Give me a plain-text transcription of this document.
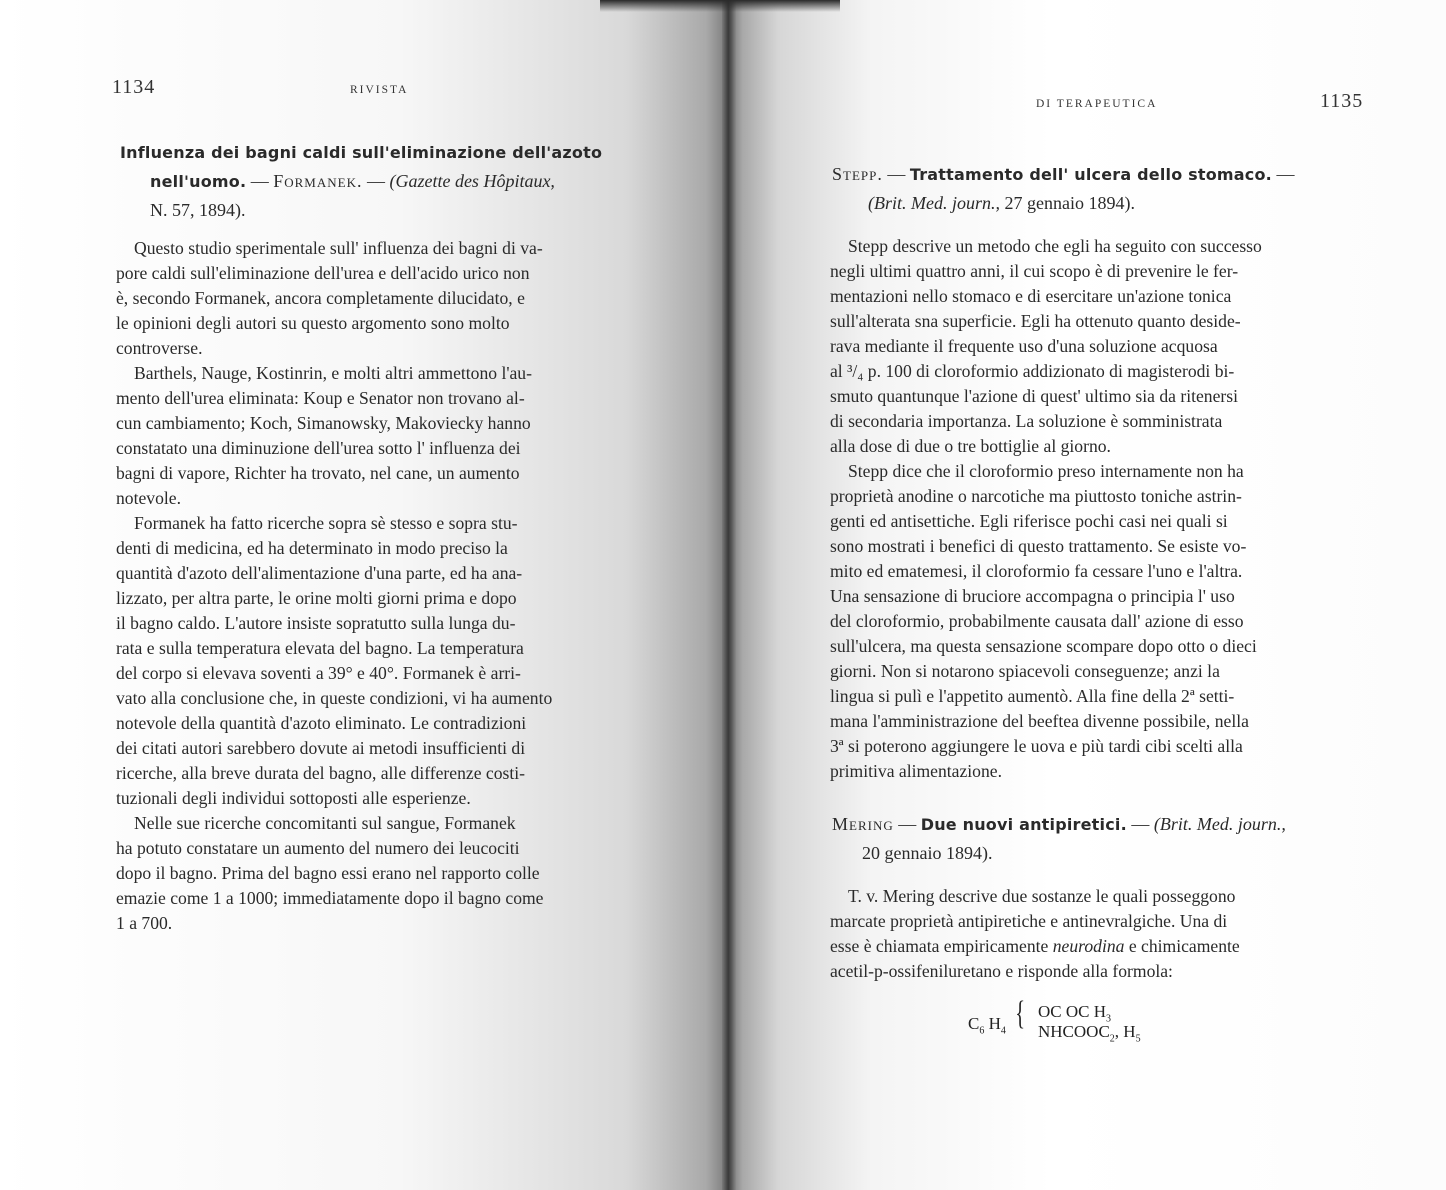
1134	RIVISTA
Influenza dei bagni caldi sull'eliminazione dell'azoto
nell'uomo. — Formanek. — (Gazette des Hôpitaux,
N. 57, 1894).

Questo studio sperimentale sull' influenza dei bagni di va-
pore caldi sull'eliminazione dell'urea e dell'acido urico non
è, secondo Formanek, ancora completamente dilucidato, e
le opinioni degli autori su questo argomento sono molto
controverse.

Barthels, Nauge, Kostinrin, e molti altri ammettono l'au-
mento dell'urea eliminata: Koup e Senator non trovano al-
cun cambiamento; Koch, Simanowsky, Makoviecky hanno
constatato una diminuzione dell'urea sotto l' influenza dei
bagni di vapore, Richter ha trovato, nel cane, un aumento
notevole.

Formanek ha fatto ricerche sopra sè stesso e sopra stu-
denti di medicina, ed ha determinato in modo preciso la
quantità d'azoto dell'alimentazione d'una parte, ed ha ana-
lizzato, per altra parte, le orine molti giorni prima e dopo
il bagno caldo. L'autore insiste sopratutto sulla lunga du-
rata e sulla temperatura elevata del bagno. La temperatura
del corpo si elevava soventi a 39° e 40°. Formanek è arri-
vato alla conclusione che, in queste condizioni, vi ha aumento
notevole della quantità d'azoto eliminato. Le contradizioni
dei citati autori sarebbero dovute ai metodi insufficienti di
ricerche, alla breve durata del bagno, alle differenze costi-
tuzionali degli individui sottoposti alle esperienze.

Nelle sue ricerche concomitanti sul sangue, Formanek
ha potuto constatare un aumento del numero dei leucociti
dopo il bagno. Prima del bagno essi erano nel rapporto colle
emazie come 1 a 1000; immediatamente dopo il bagno come
1 a 700.

DI TERAPEUTICA	1135
Stepp. — Trattamento dell' ulcera dello stomaco. —
(Brit. Med. journ., 27 gennaio 1894).

Stepp descrive un metodo che egli ha seguito con successo
negli ultimi quattro anni, il cui scopo è di prevenire le fer-
mentazioni nello stomaco e di esercitare un'azione tonica
sull'alterata sna superficie. Egli ha ottenuto quanto deside-
rava mediante il frequente uso d'una soluzione acquosa
al ³/₄ p. 100 di cloroformio addizionato di magisterodi bi-
smuto quantunque l'azione di quest' ultimo sia da ritenersi
di secondaria importanza. La soluzione è somministrata
alla dose di due o tre bottiglie al giorno.

Stepp dice che il cloroformio preso internamente non ha
proprietà anodine o narcotiche ma piuttosto toniche astrin-
genti ed antisettiche. Egli riferisce pochi casi nei quali si
sono mostrati i benefici di questo trattamento. Se esiste vo-
mito ed ematemesi, il cloroformio fa cessare l'uno e l'altra.
Una sensazione di bruciore accompagna o principia l' uso
del cloroformio, probabilmente causata dall' azione di esso
sull'ulcera, ma questa sensazione scompare dopo otto o dieci
giorni. Non si notarono spiacevoli conseguenze; anzi la
lingua si pulì e l'appetito aumentò. Alla fine della 2ª setti-
mana l'amministrazione del beeftea divenne possibile, nella
3ª si poterono aggiungere le uova e più tardi cibi scelti alla
primitiva alimentazione.

Mering — Due nuovi antipiretici. — (Brit. Med. journ.,
20 gennaio 1894).

T. v. Mering descrive due sostanze le quali posseggono
marcate proprietà antipiretiche e antinevralgiche. Una di
esse è chiamata empiricamente neurodina e chimicamente
acetil-p-ossifeniluretano e risponde alla formola:

$C_6$ $H_4$ { OC OC $H_3$
$NHCOOC_2$, $H_5$
